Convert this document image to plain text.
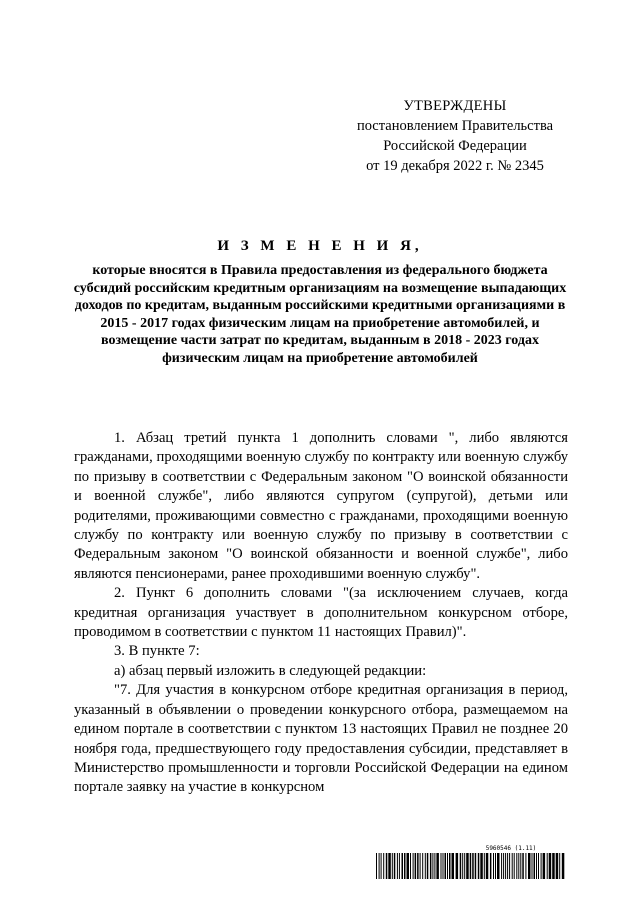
УТВЕРЖДЕНЫ
постановлением Правительства
Российской Федерации
от 19 декабря 2022 г. № 2345
И З М Е Н Е Н И Я,
которые вносятся в Правила предоставления из федерального бюджета субсидий российским кредитным организациям на возмещение выпадающих доходов по кредитам, выданным российскими кредитными организациями в 2015 - 2017 годах физическим лицам на приобретение автомобилей, и возмещение части затрат по кредитам, выданным в 2018 - 2023 годах физическим лицам на приобретение автомобилей

1. Абзац третий пункта 1 дополнить словами ", либо являются гражданами, проходящими военную службу по контракту или военную службу по призыву в соответствии с Федеральным законом "О воинской обязанности и военной службе", либо являются супругом (супругой), детьми или родителями, проживающими совместно с гражданами, проходящими военную службу по контракту или военную службу по призыву в соответствии с Федеральным законом "О воинской обязанности и военной службе", либо являются пенсионерами, ранее проходившими военную службу".

2. Пункт 6 дополнить словами "(за исключением случаев, когда кредитная организация участвует в дополнительном конкурсном отборе, проводимом в соответствии с пунктом 11 настоящих Правил)".

3. В пункте 7:

а) абзац первый изложить в следующей редакции:

"7. Для участия в конкурсном отборе кредитная организация в период, указанный в объявлении о проведении конкурсного отбора, размещаемом на едином портале в соответствии с пунктом 13 настоящих Правил не позднее 20 ноября года, предшествующего году предоставления субсидии, представляет в Министерство промышленности и торговли Российской Федерации на едином портале заявку на участие в конкурсном

5960546 (1.11)
